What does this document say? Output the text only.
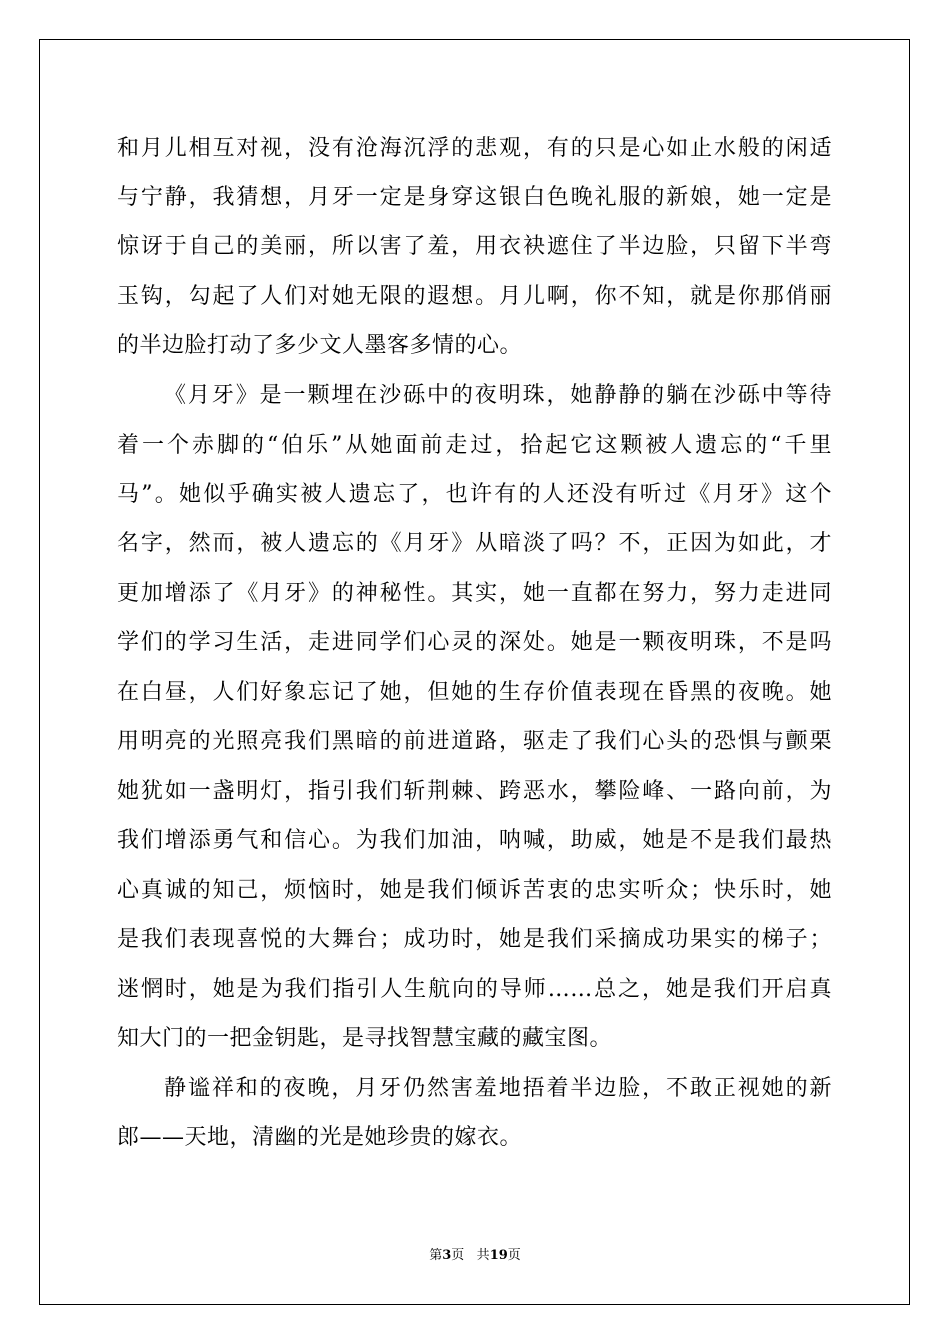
和月儿相互对视，没有沧海沉浮的悲观，有的只是心如止水般的闲适
与宁静，我猜想，月牙一定是身穿这银白色晚礼服的新娘，她一定是
惊讶于自己的美丽，所以害了羞，用衣袂遮住了半边脸，只留下半弯
玉钩，勾起了人们对她无限的遐想。月儿啊，你不知，就是你那俏丽
的半边脸打动了多少文人墨客多情的心。
《月牙》是一颗埋在沙砾中的夜明珠，她静静的躺在沙砾中等待
着一个赤脚的“伯乐”从她面前走过，拾起它这颗被人遗忘的“千里
马”。她似乎确实被人遗忘了，也许有的人还没有听过《月牙》这个
名字，然而，被人遗忘的《月牙》从暗淡了吗？不，正因为如此，才
更加增添了《月牙》的神秘性。其实，她一直都在努力，努力走进同
学们的学习生活，走进同学们心灵的深处。她是一颗夜明珠，不是吗
在白昼，人们好象忘记了她，但她的生存价值表现在昏黑的夜晚。她
用明亮的光照亮我们黑暗的前进道路，驱走了我们心头的恐惧与颤栗
她犹如一盏明灯，指引我们斩荆棘、跨恶水，攀险峰、一路向前，为
我们增添勇气和信心。为我们加油，呐喊，助威，她是不是我们最热
心真诚的知己，烦恼时，她是我们倾诉苦衷的忠实听众；快乐时，她
是我们表现喜悦的大舞台；成功时，她是我们采摘成功果实的梯子；
迷惘时，她是为我们指引人生航向的导师……总之，她是我们开启真
知大门的一把金钥匙，是寻找智慧宝藏的藏宝图。
静谧祥和的夜晚，月牙仍然害羞地捂着半边脸，不敢正视她的新
郎——天地，清幽的光是她珍贵的嫁衣。
第3页 共19页
